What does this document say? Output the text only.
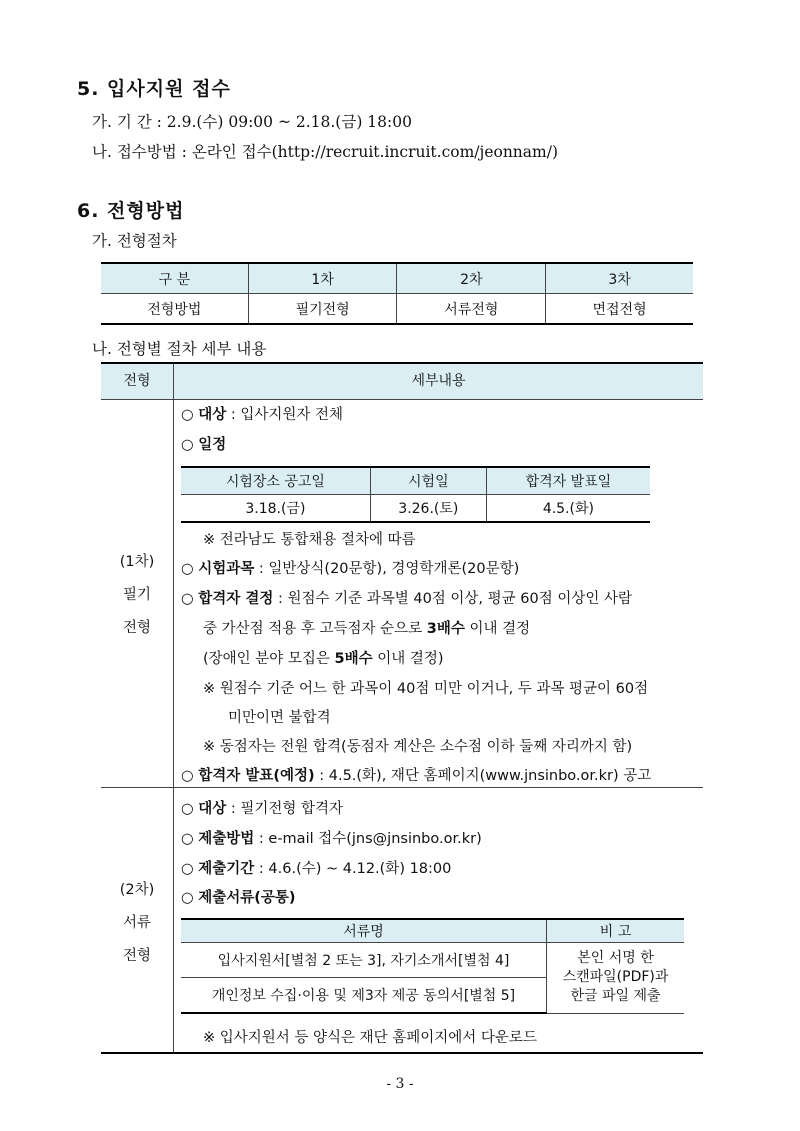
5. 입사지원 접수
가. 기 간 : 2.9.(수) 09:00 ~ 2.18.(금) 18:00
나. 접수방법 : 온라인 접수(http://recruit.incruit.com/jeonnam/)
6. 전형방법
가. 전형절차
구 분	1차	2차	3차
전형방법	필기전형	서류전형	면접전형
나. 전형별 절차 세부 내용
전형	세부내용
(1차)
필기
전형
○ 대상 : 입사지원자 전체
○ 일정
시험장소 공고일	시험일	합격자 발표일
3.18.(금)	3.26.(토)	4.5.(화)
※ 전라남도 통합채용 절차에 따름
○ 시험과목 : 일반상식(20문항), 경영학개론(20문항)
○ 합격자 결정 : 원점수 기준 과목별 40점 이상, 평균 60점 이상인 사람
중 가산점 적용 후 고득점자 순으로 3배수 이내 결정
(장애인 분야 모집은 5배수 이내 결정)
※ 원점수 기준 어느 한 과목이 40점 미만 이거나, 두 과목 평균이 60점
미만이면 불합격
※ 동점자는 전원 합격(동점자 계산은 소수점 이하 둘째 자리까지 함)
○ 합격자 발표(예정) : 4.5.(화), 재단 홈페이지(www.jnsinbo.or.kr) 공고
(2차)
서류
전형
○ 대상 : 필기전형 합격자
○ 제출방법 : e-mail 접수(jns@jnsinbo.or.kr)
○ 제출기간 : 4.6.(수) ~ 4.12.(화) 18:00
○ 제출서류(공통)
서류명	비 고
입사지원서[별첨 2 또는 3], 자기소개서[별첨 4]	본인 서명 한
스캔파일(PDF)과
한글 파일 제출

개인정보 수집·이용 및 제3자 제공 동의서[별첨 5]	
※ 입사지원서 등 양식은 재단 홈페이지에서 다운로드
- 3 -
